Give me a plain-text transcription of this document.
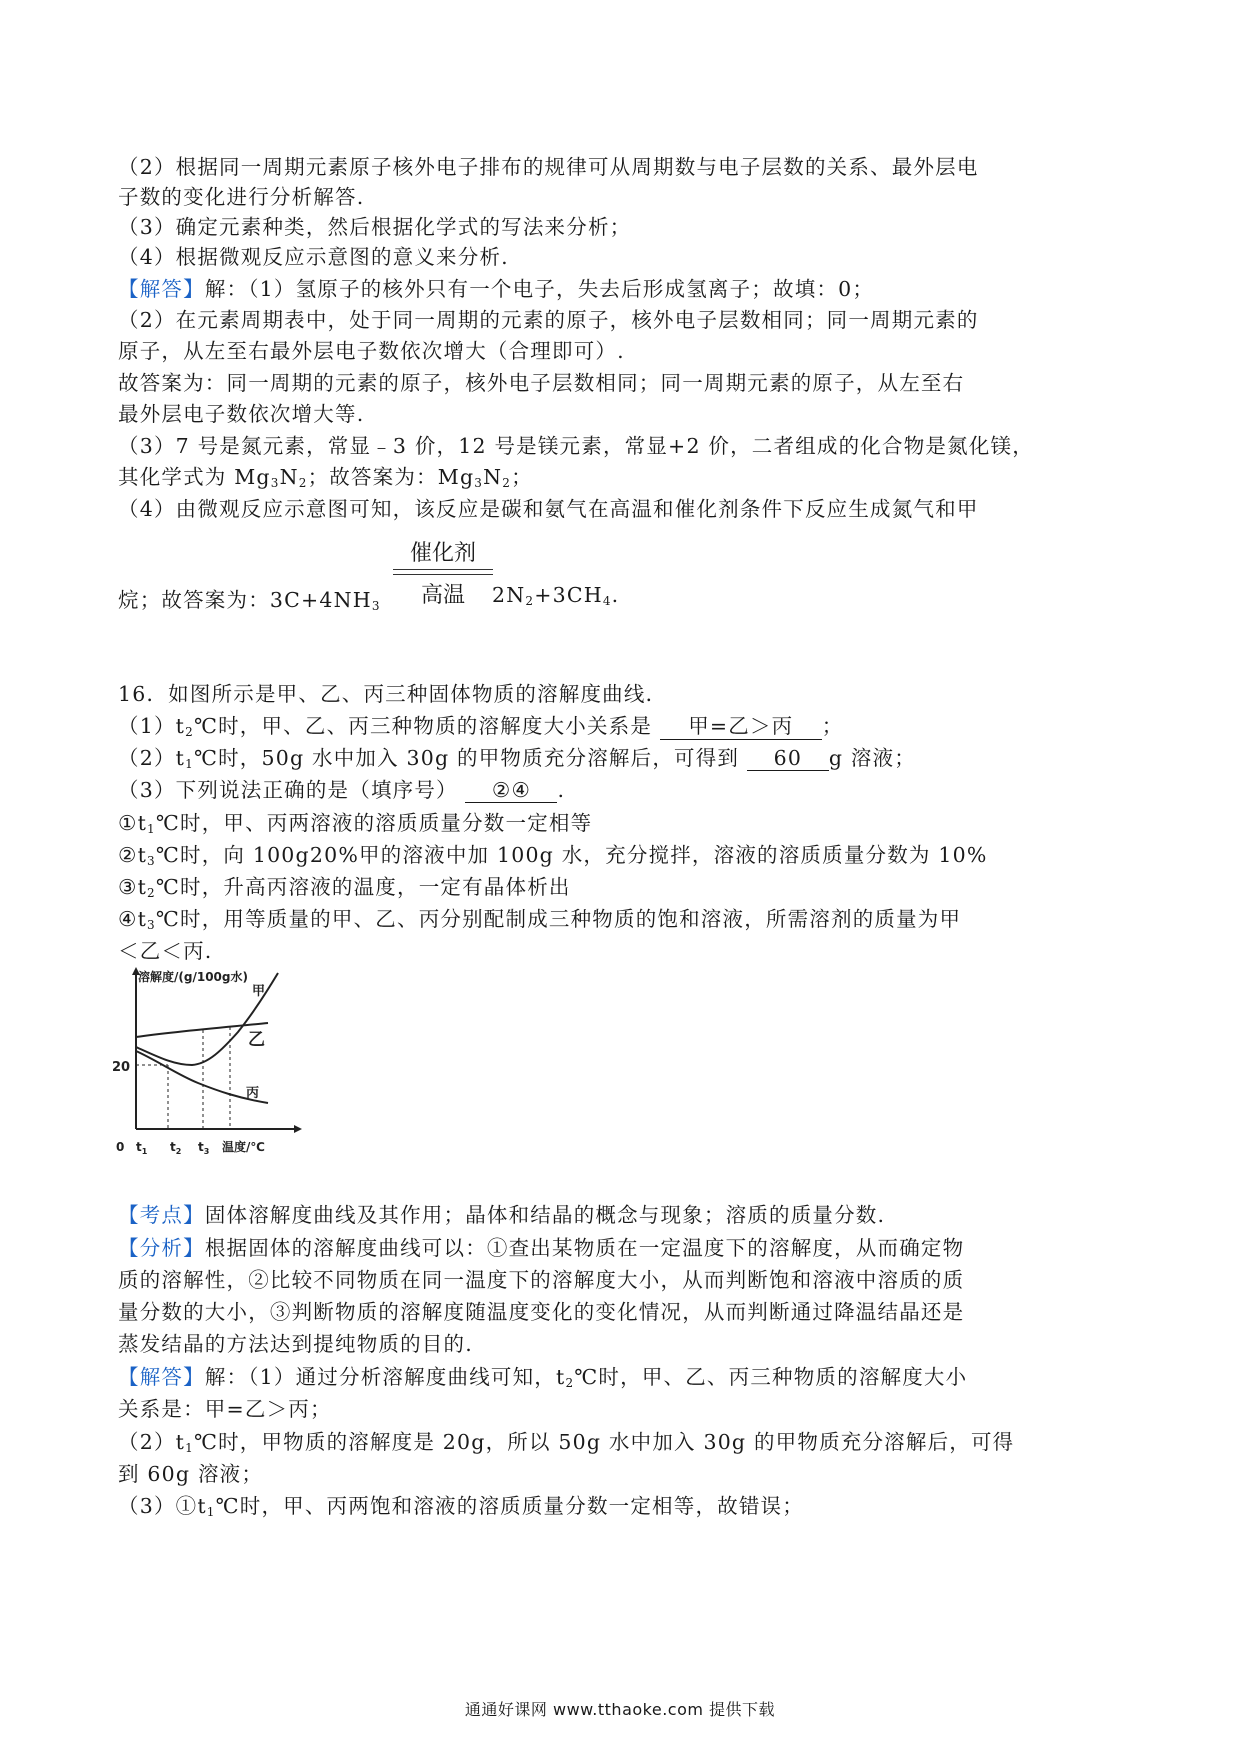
（2）根据同一周期元素原子核外电子排布的规律可从周期数与电子层数的关系、最外层电
子数的变化进行分析解答.
（3）确定元素种类，然后根据化学式的写法来分析；
（4）根据微观反应示意图的意义来分析.
【解答】解：（1）氢原子的核外只有一个电子，失去后形成氢离子；故填：0；
（2）在元素周期表中，处于同一周期的元素的原子，核外电子层数相同；同一周期元素的
原子，从左至右最外层电子数依次增大（合理即可）.
故答案为：同一周期的元素的原子，核外电子层数相同；同一周期元素的原子，从左至右
最外层电子数依次增大等.
（3）7 号是氮元素，常显﹣3 价，12 号是镁元素，常显+2 价，二者组成的化合物是氮化镁，
其化学式为 $Mg_3N_2$；故答案为：$Mg_3N_2$；
（4）由微观反应示意图可知，该反应是碳和氨气在高温和催化剂条件下反应生成氮气和甲
催化剂
高温
烷；故答案为：$3C+4NH_3$	$2N_2+3CH_4$.
16．如图所示是甲、乙、丙三种固体物质的溶解度曲线．
$(1)t_2℃$时，甲、乙、丙三种物质的溶解度大小关系是 甲=乙＞丙 ；
$(2)t_1℃$时，50g 水中加入 30g 的甲物质充分溶解后，可得到 60 g 溶液；
（3）下列说法正确的是（填序号） ②④ .
$①t_1℃$时，甲、丙两溶液的溶质质量分数一定相等
$②t_3℃$时，向 100g20%甲的溶液中加 100g 水，充分搅拌，溶液的溶质质量分数为 10%
$③t_2℃$时，升高丙溶液的温度，一定有晶体析出
$④t_3℃$时，用等质量的甲、乙、丙分别配制成三种物质的饱和溶液，所需溶剂的质量为甲
＜乙＜丙.
溶解度/(g/100g水)
甲
乙
丙
20
0 $t_1$ $t_2$ $t_3$ 温度/℃
【考点】固体溶解度曲线及其作用；晶体和结晶的概念与现象；溶质的质量分数.
【分析】根据固体的溶解度曲线可以：①查出某物质在一定温度下的溶解度，从而确定物
质的溶解性，②比较不同物质在同一温度下的溶解度大小，从而判断饱和溶液中溶质的质
量分数的大小，③判断物质的溶解度随温度变化的变化情况，从而判断通过降温结晶还是
蒸发结晶的方法达到提纯物质的目的.
【解答】解：（1）通过分析溶解度曲线可知，$t_2℃$时，甲、乙、丙三种物质的溶解度大小
关系是：甲=乙＞丙；
$(2)t_1℃$时，甲物质的溶解度是 20g，所以 50g 水中加入 30g 的甲物质充分溶解后，可得
到 60g 溶液；
$(3)①t_1℃$时，甲、丙两饱和溶液的溶质质量分数一定相等，故错误；
通通好课网 www.tthaoke.com 提供下载
